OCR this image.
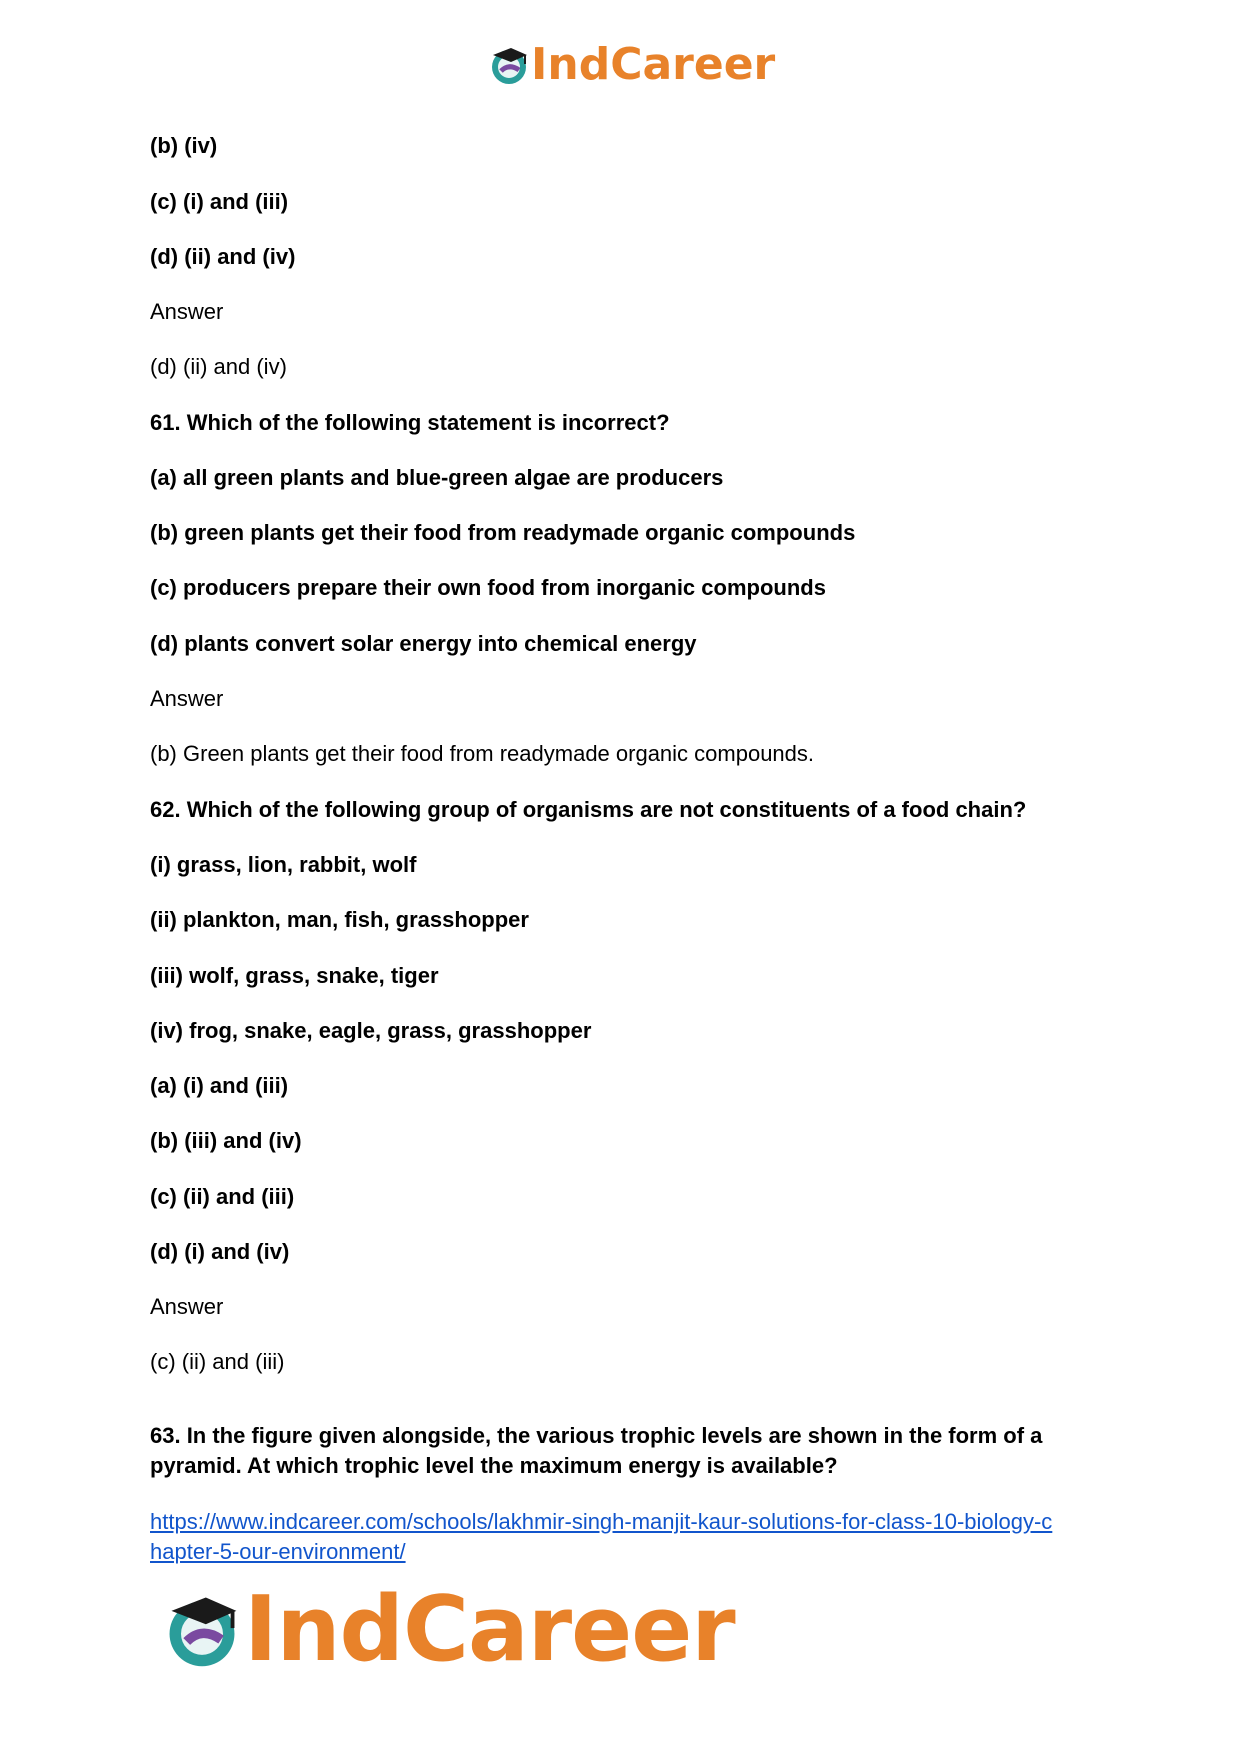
IndCareer
63. In the figure given alongside, the various trophic levels are shown in the form of a
pyramid. At which trophic level the maximum energy is available?
https://www.indcareer.com/schools/lakhmir-singh-manjit-kaur-solutions-for-class-10-biology-c
hapter-5-our-environment/
(b) (iv)
(c) (i) and (iii)
(d) (ii) and (iv)
Answer
(d) (ii) and (iv)
61. Which of the following statement is incorrect?
(a) all green plants and blue-green algae are producers
(b) green plants get their food from readymade organic compounds
(c) producers prepare their own food from inorganic compounds
(d) plants convert solar energy into chemical energy
Answer
(b) Green plants get their food from readymade organic compounds.
62. Which of the following group of organisms are not constituents of a food chain?
(i) grass, lion, rabbit, wolf
(ii) plankton, man, fish, grasshopper
(iii) wolf, grass, snake, tiger
(iv) frog, snake, eagle, grass, grasshopper
(a) (i) and (iii)
(b) (iii) and (iv)
(c) (ii) and (iii)
(d) (i) and (iv)
Answer
(c) (ii) and (iii)
IndCareer
